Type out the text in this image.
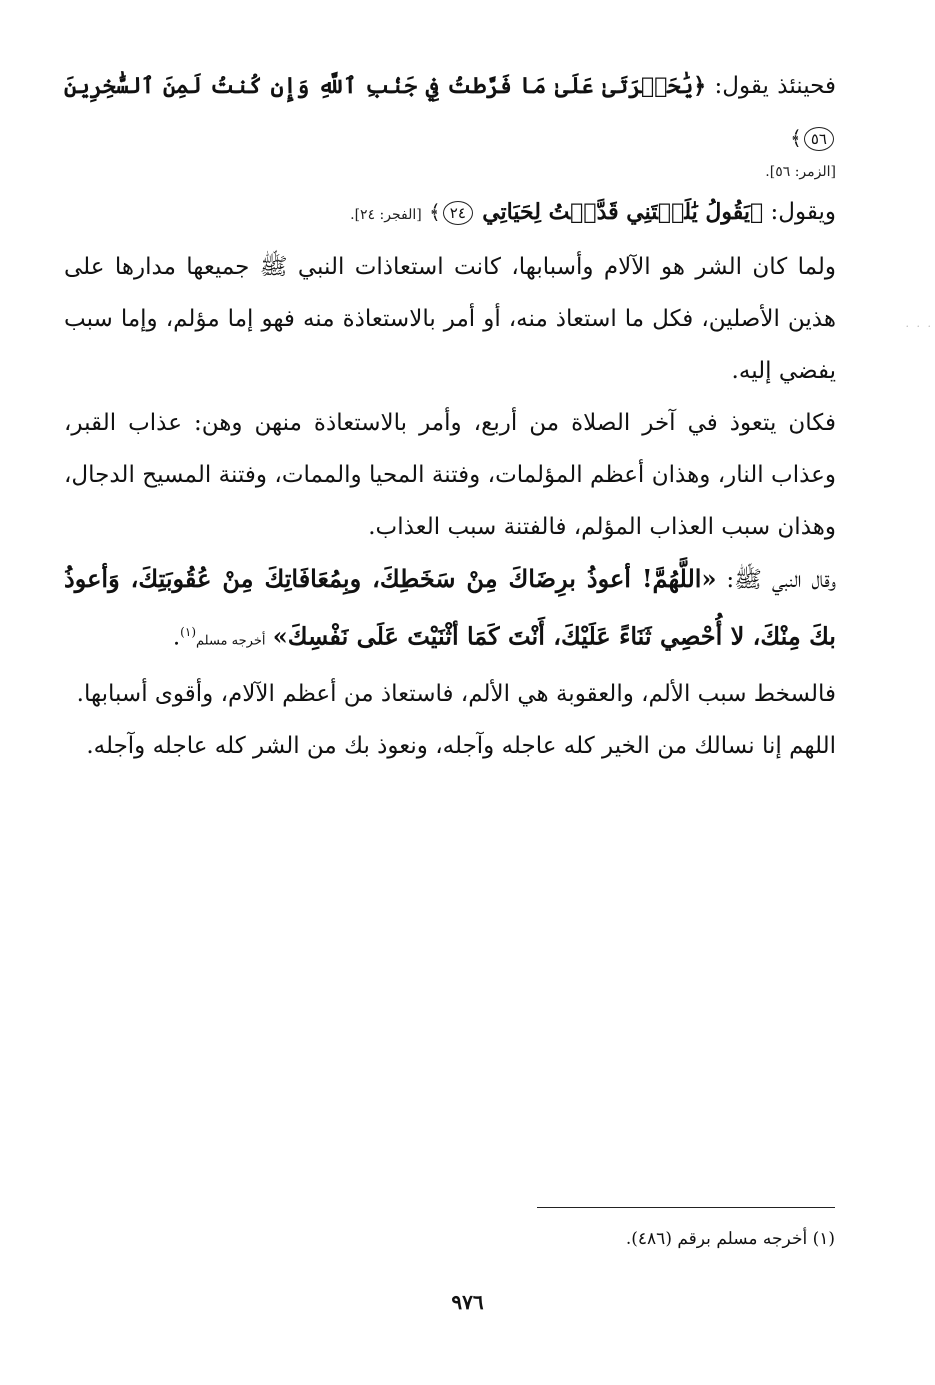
فحينئذ يقول: ﴿يَٰحَسۡرَتَىٰ عَلَىٰ مَا فَرَّطتُ فِي جَنۢبِ ٱللَّهِ وَإِن كُنتُ لَمِنَ ٱلسَّٰخِرِينَ ٥٦﴾

[الزمر: ٥٦].

ويقول: ﴿يَقُولُ يَٰلَيۡتَنِي قَدَّمۡتُ لِحَيَاتِي ٢٤﴾ [الفجر: ٢٤].

ولما كان الشر هو الآلام وأسبابها، كانت استعاذات النبي ﷺ جميعها مدارها على هذين الأصلين، فكل ما استعاذ منه، أو أمر بالاستعاذة منه فهو إما مؤلم، وإما سبب يفضي إليه.

فكان يتعوذ في آخر الصلاة من أربع، وأمر بالاستعاذة منهن وهن: عذاب القبر، وعذاب النار، وهذان أعظم المؤلمات، وفتنة المحيا والممات، وفتنة المسيح الدجال، وهذان سبب العذاب المؤلم، فالفتنة سبب العذاب.

وقال النبي ﷺ: «اللَّهُمَّ! أعوذُ برِضَاكَ مِنْ سَخَطِكَ، وبِمُعَافَاتِكَ مِنْ عُقُوبَتِكَ، وَأعوذُ بكَ مِنْكَ، لا أُحْصِي ثَنَاءً عَلَيْكَ، أَنْتَ كَمَا أثْنَيْتَ عَلَى نَفْسِكَ» أخرجه مسلم$^{(١)}$.

فالسخط سبب الألم، والعقوبة هي الألم، فاستعاذ من أعظم الآلام، وأقوى أسبابها.

اللهم إنا نسالك من الخير كله عاجله وآجله، ونعوذ بك من الشر كله عاجله وآجله.

· · ·
(١) أخرجه مسلم برقم (٤٨٦).
٩٧٦
